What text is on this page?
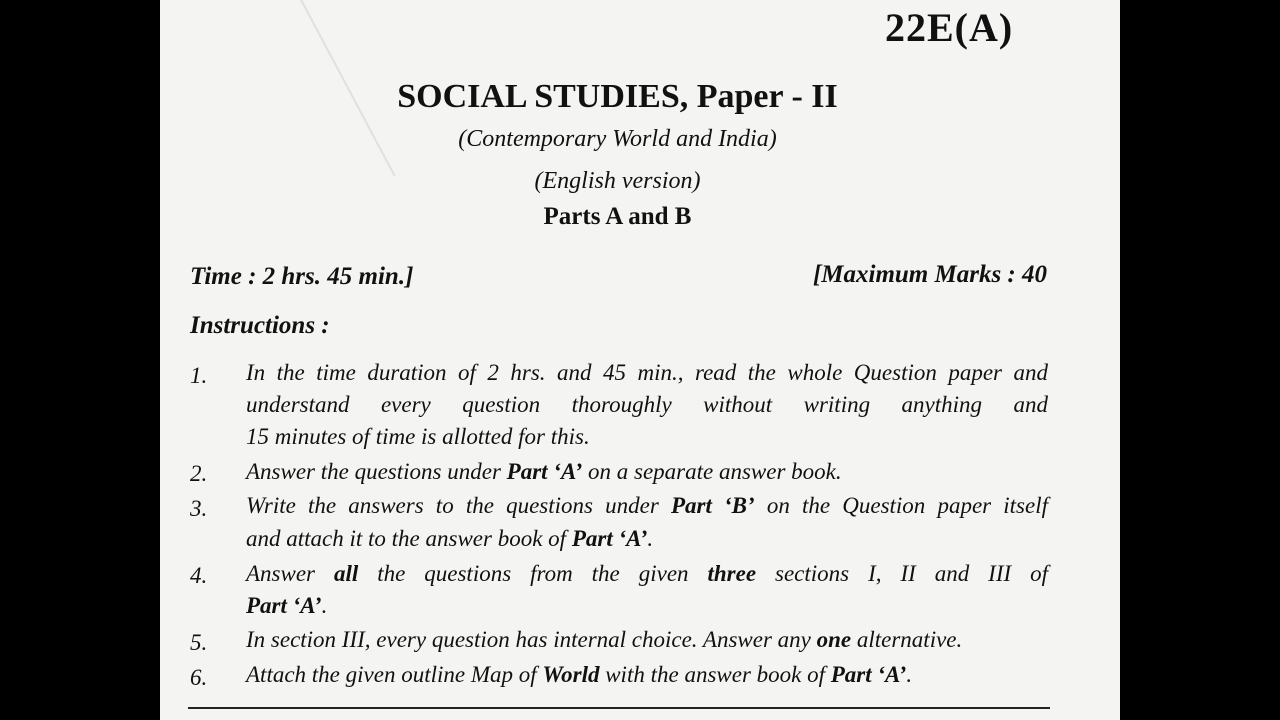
22E(A)
SOCIAL STUDIES, Paper - II
(Contemporary World and India)
(English version)
Parts A and B
Time : 2 hrs. 45 min.]	[Maximum Marks : 40
Instructions :
1. In the time duration of 2 hrs. and 45 min., read the whole Question paper and
understand every question thoroughly without writing anything and
15 minutes of time is allotted for this.
2. Answer the questions under Part ‘A’ on a separate answer book.
3. Write the answers to the questions under Part ‘B’ on the Question paper itself
and attach it to the answer book of Part ‘A’.
4. Answer all the questions from the given three sections I, II and III of
Part ‘A’.
5. In section III, every question has internal choice. Answer any one alternative.
6. Attach the given outline Map of World with the answer book of Part ‘A’.
